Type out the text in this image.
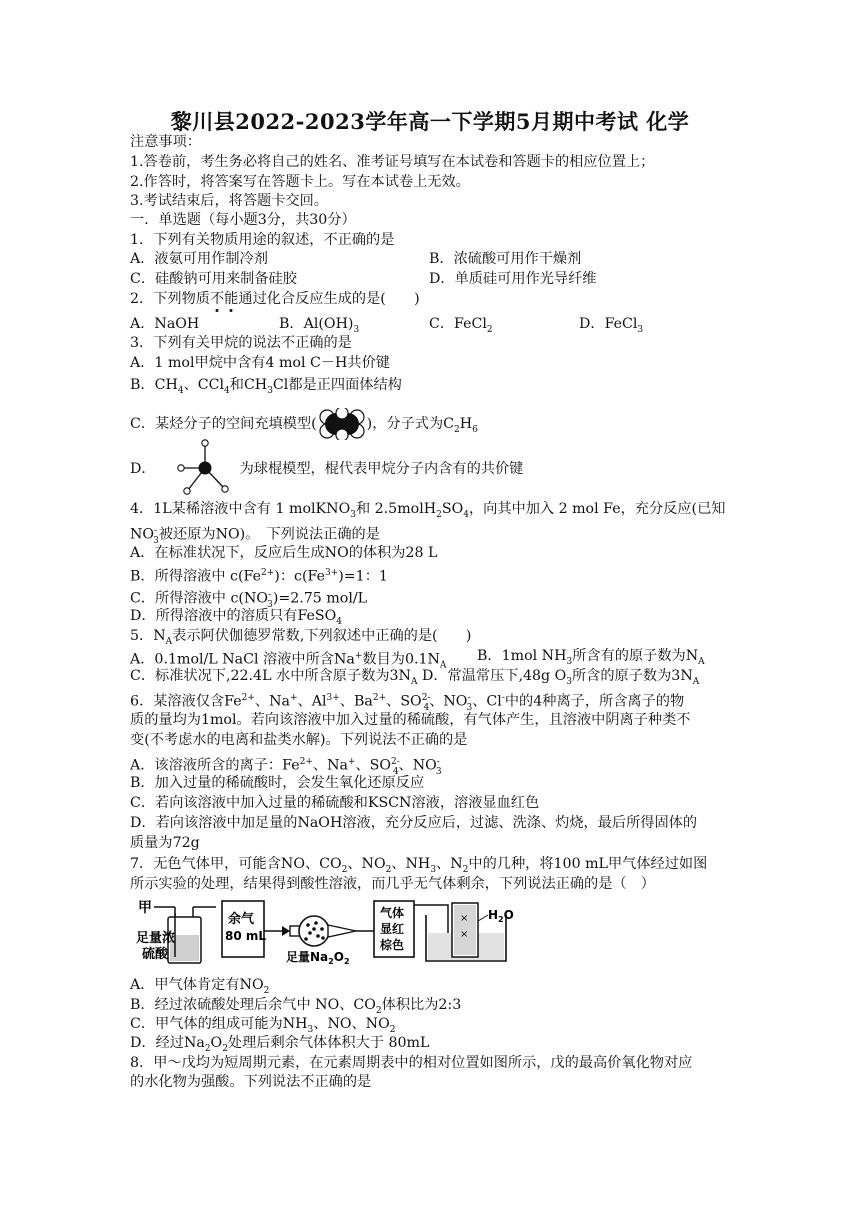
黎川县2022-2023学年高一下学期5月期中考试 化学
注意事项：
1.答卷前，考生务必将自己的姓名、准考证号填写在本试卷和答题卡的相应位置上；
2.作答时，将答案写在答题卡上。写在本试卷上无效。
3.考试结束后，将答题卡交回。
一．单选题（每小题3分，共30分）
1．下列有关物质用途的叙述，不正确的是
A．液氨可用作制冷剂	B．浓硫酸可用作干燥剂
C．硅酸钠可用来制备硅胶	D．单质硅可用作光导纤维
2．下列物质不能通过化合反应生成的是(　　)
A．NaOH	B．$Al(OH)_3$	C．FeCl$_2$	D．FeCl$_3$
3．下列有关甲烷的说法不正确的是
A．1 mol甲烷中含有4 mol C－H共价键
B．$CH_4$、CCl$_4$和$CH_3Cl$都是正四面体结构
C．某烃分子的空间充填模型(	)，分子式为$C_2H_6$
D．	为球棍模型，棍代表甲烷分子内含有的共价键
4．1L某稀溶液中含有 1 molKNO$_3$和 $2.5molH_2SO_4$，向其中加入 2 mol Fe，充分反应(已知
$NO^-_3$被还原为NO)。　下列说法正确的是
A．在标准状况下，反应后生成NO的体积为28 L
B．所得溶液中 $c(Fe^{2+})$：$c(Fe^{3+})=1$：1
C．所得溶液中 $c(NO^-_3)=2.75$ mol/L
D．所得溶液中的溶质只有FeSO$_4$
5．$N_A$表示阿伏伽德罗常数,下列叙述中正确的是(　　)
A．0.1mol/L NaCl 溶液中所含Na+数目为$0.1N_A$
B．1mol $NH_3$所含有的原子数为$N_A$
C．标准状况下,22.4L 水中所含原子数为$3N_A$ D．常温常压下,48g $O_3$所含的原子数为$3N_A$
6．某溶液仅含$Fe^{2+}$、Na+、$Al^{3+}$、$Ba^{2+}$、$SO^{2-}_4$、$NO^-_3$、Cl-中的4种离子，所含离子的物
质的量均为1mol。若向该溶液中加入过量的稀硫酸，有气体产生，且溶液中阴离子种类不
变(不考虑水的电离和盐类水解)。下列说法不正确的是
A．该溶液所含的离子：$Fe^{2+}$、Na+、$SO^{2-}_4$、$NO^-_3$
B．加入过量的稀硫酸时，会发生氧化还原反应
C．若向该溶液中加入过量的稀硫酸和KSCN溶液，溶液显血红色
D．若向该溶液中加足量的NaOH溶液，充分反应后，过滤、洗涤、灼烧，最后所得固体的
质量为72g
7．无色气体甲，可能含NO、$CO_2$、$NO_2$、$NH_3$、$N_2$中的几种，将100 mL甲气体经过如图
所示实验的处理，结果得到酸性溶液，而几乎无气体剩余，下列说法正确的是（　）
甲
足量浓
硫酸
余气
80 mL
足量$Na_2O_2$
气体
显红
棕色
×
×
$H_2O$
A．甲气体肯定有$NO_2$
B．经过浓硫酸处理后余气中 NO、$CO_2$体积比为2:3
C．甲气体的组成可能为$NH_3$、NO、$NO_2$
D．经过$Na_2O_2$处理后剩余气体体积大于 80mL
8．甲～戊均为短周期元素，在元素周期表中的相对位置如图所示，戊的最高价氧化物对应
的水化物为强酸。下列说法不正确的是
